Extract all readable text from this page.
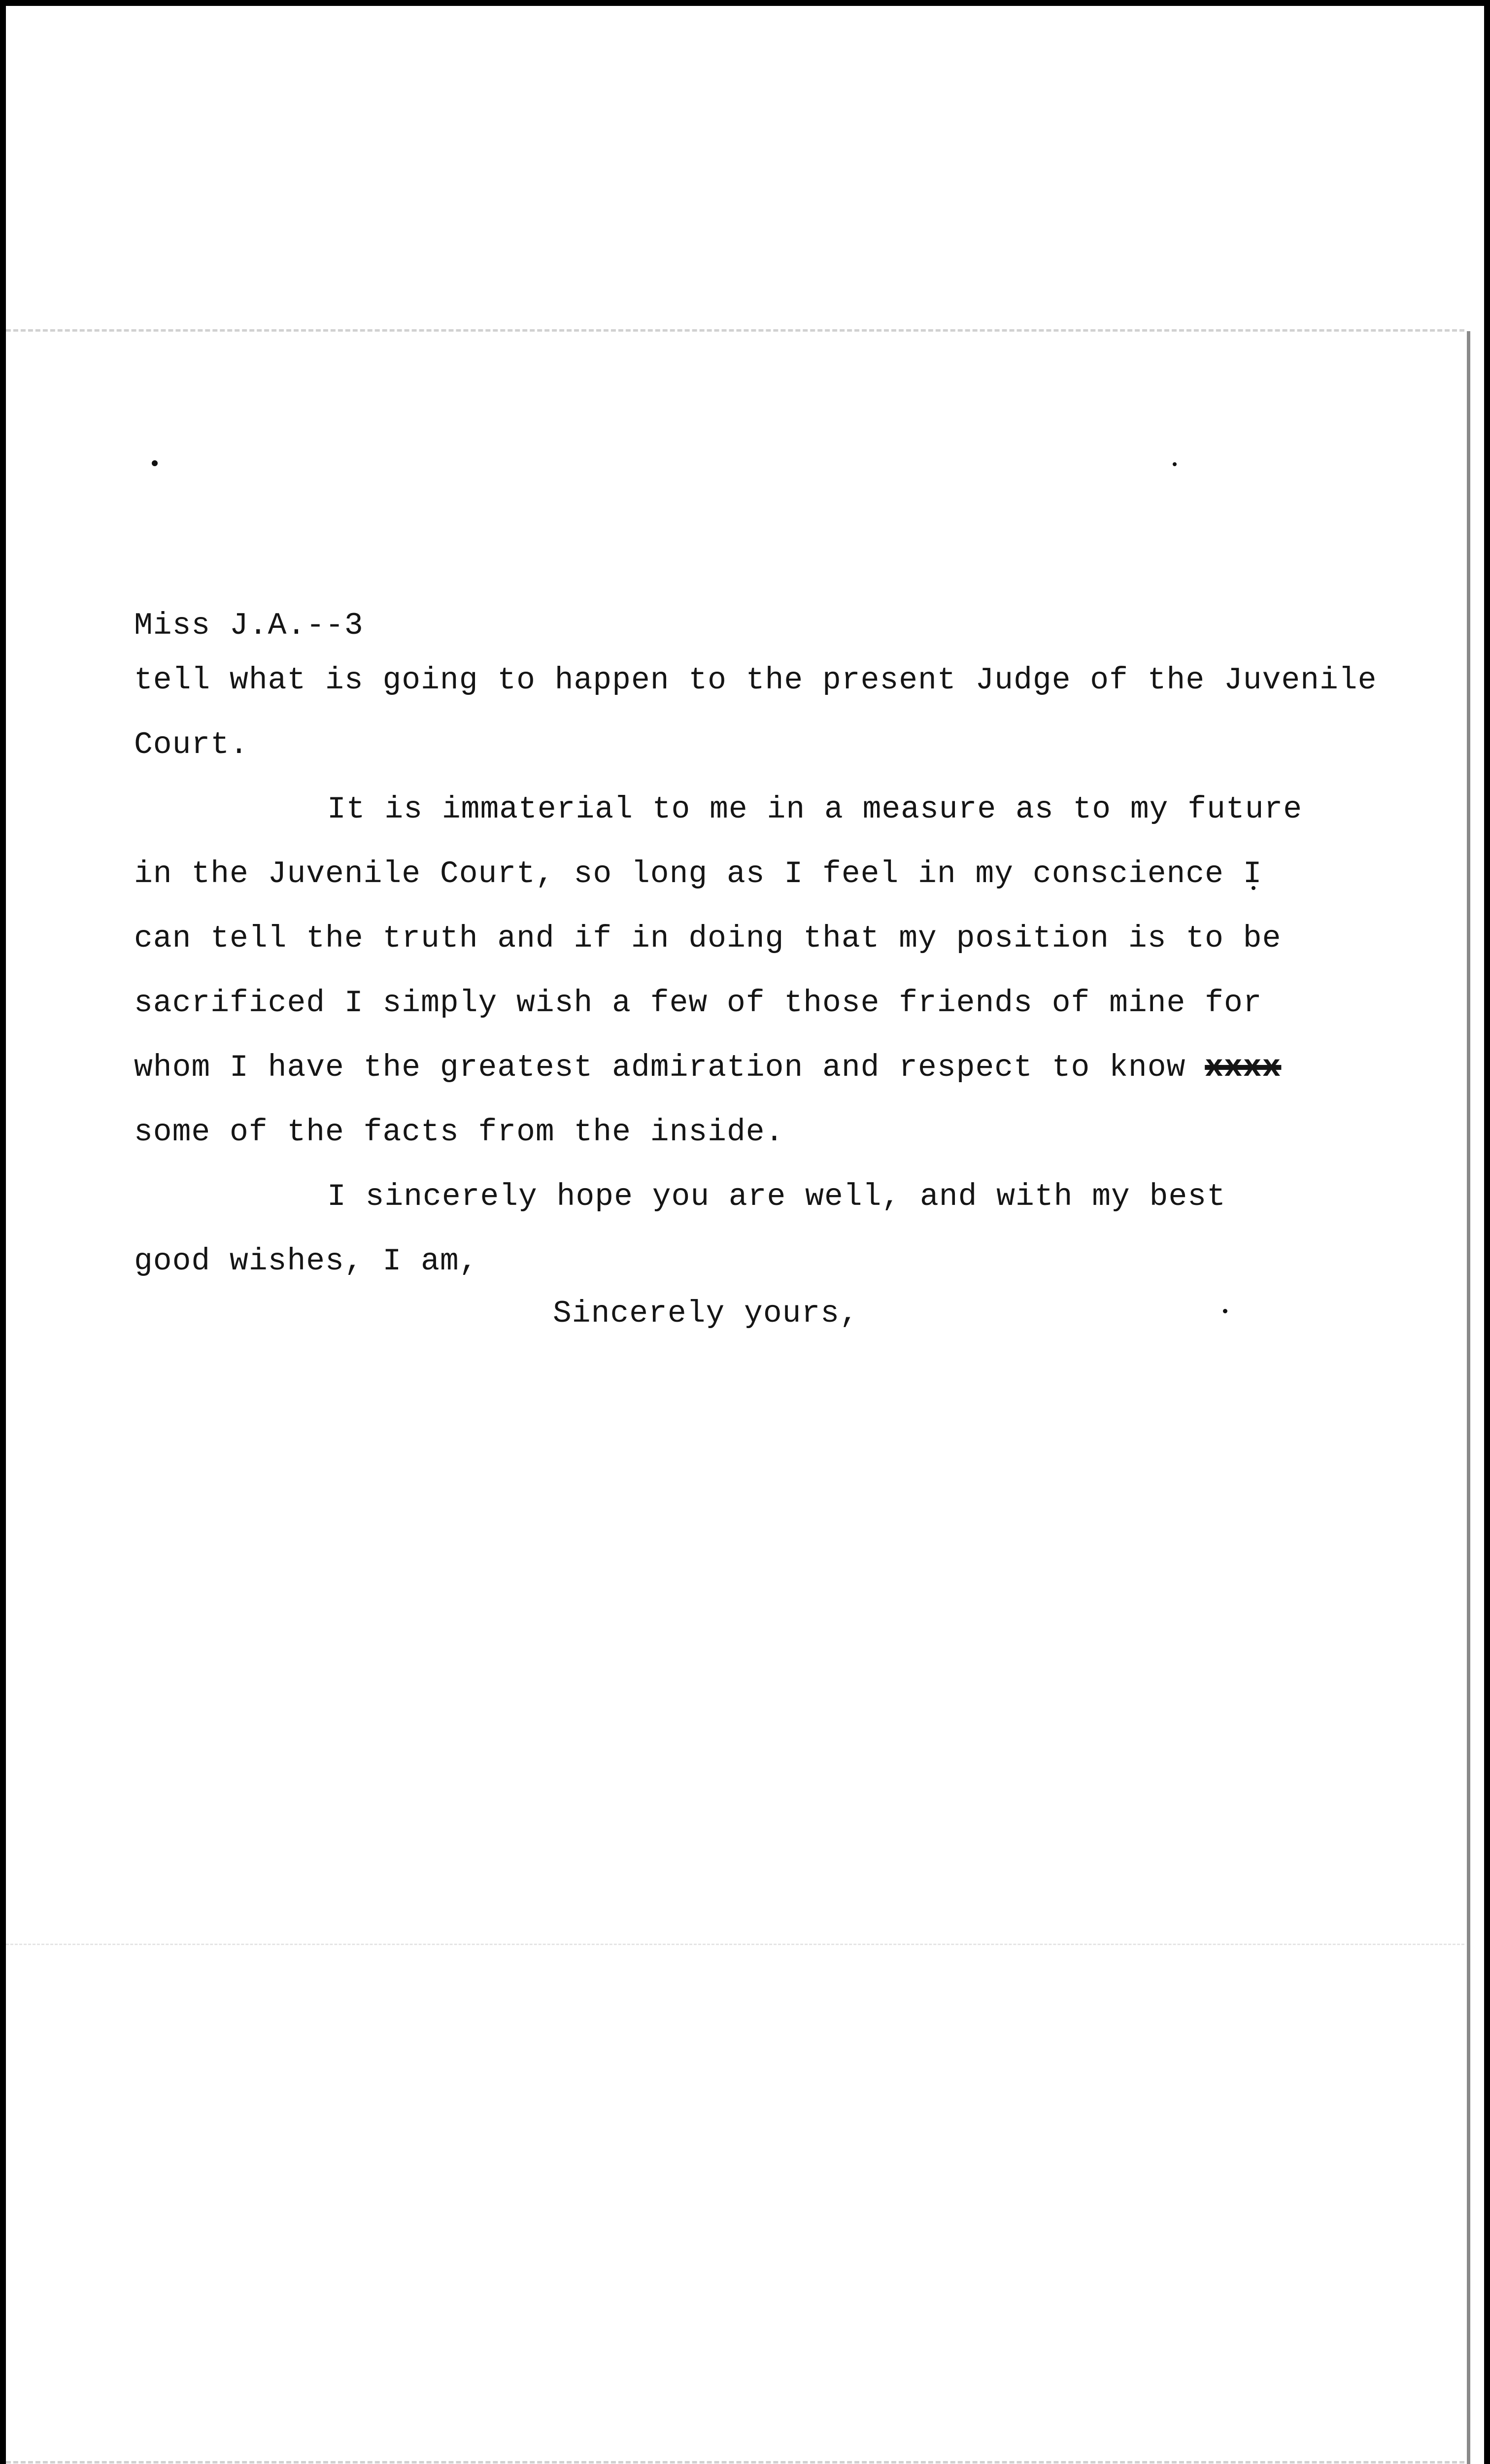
Miss J.A.--3
tell what is going to happen to the present Judge of the Juvenile
Court.
It is immaterial to me in a measure as to my future
in the Juvenile Court, so long as I feel in my conscience I
can tell the truth and if in doing that my position is to be
sacrificed I simply wish a few of those friends of mine for
whom I have the greatest admiration and respect to know xxxx
some of the facts from the inside.
I sincerely hope you are well, and with my best
good wishes, I am,
Sincerely yours,
